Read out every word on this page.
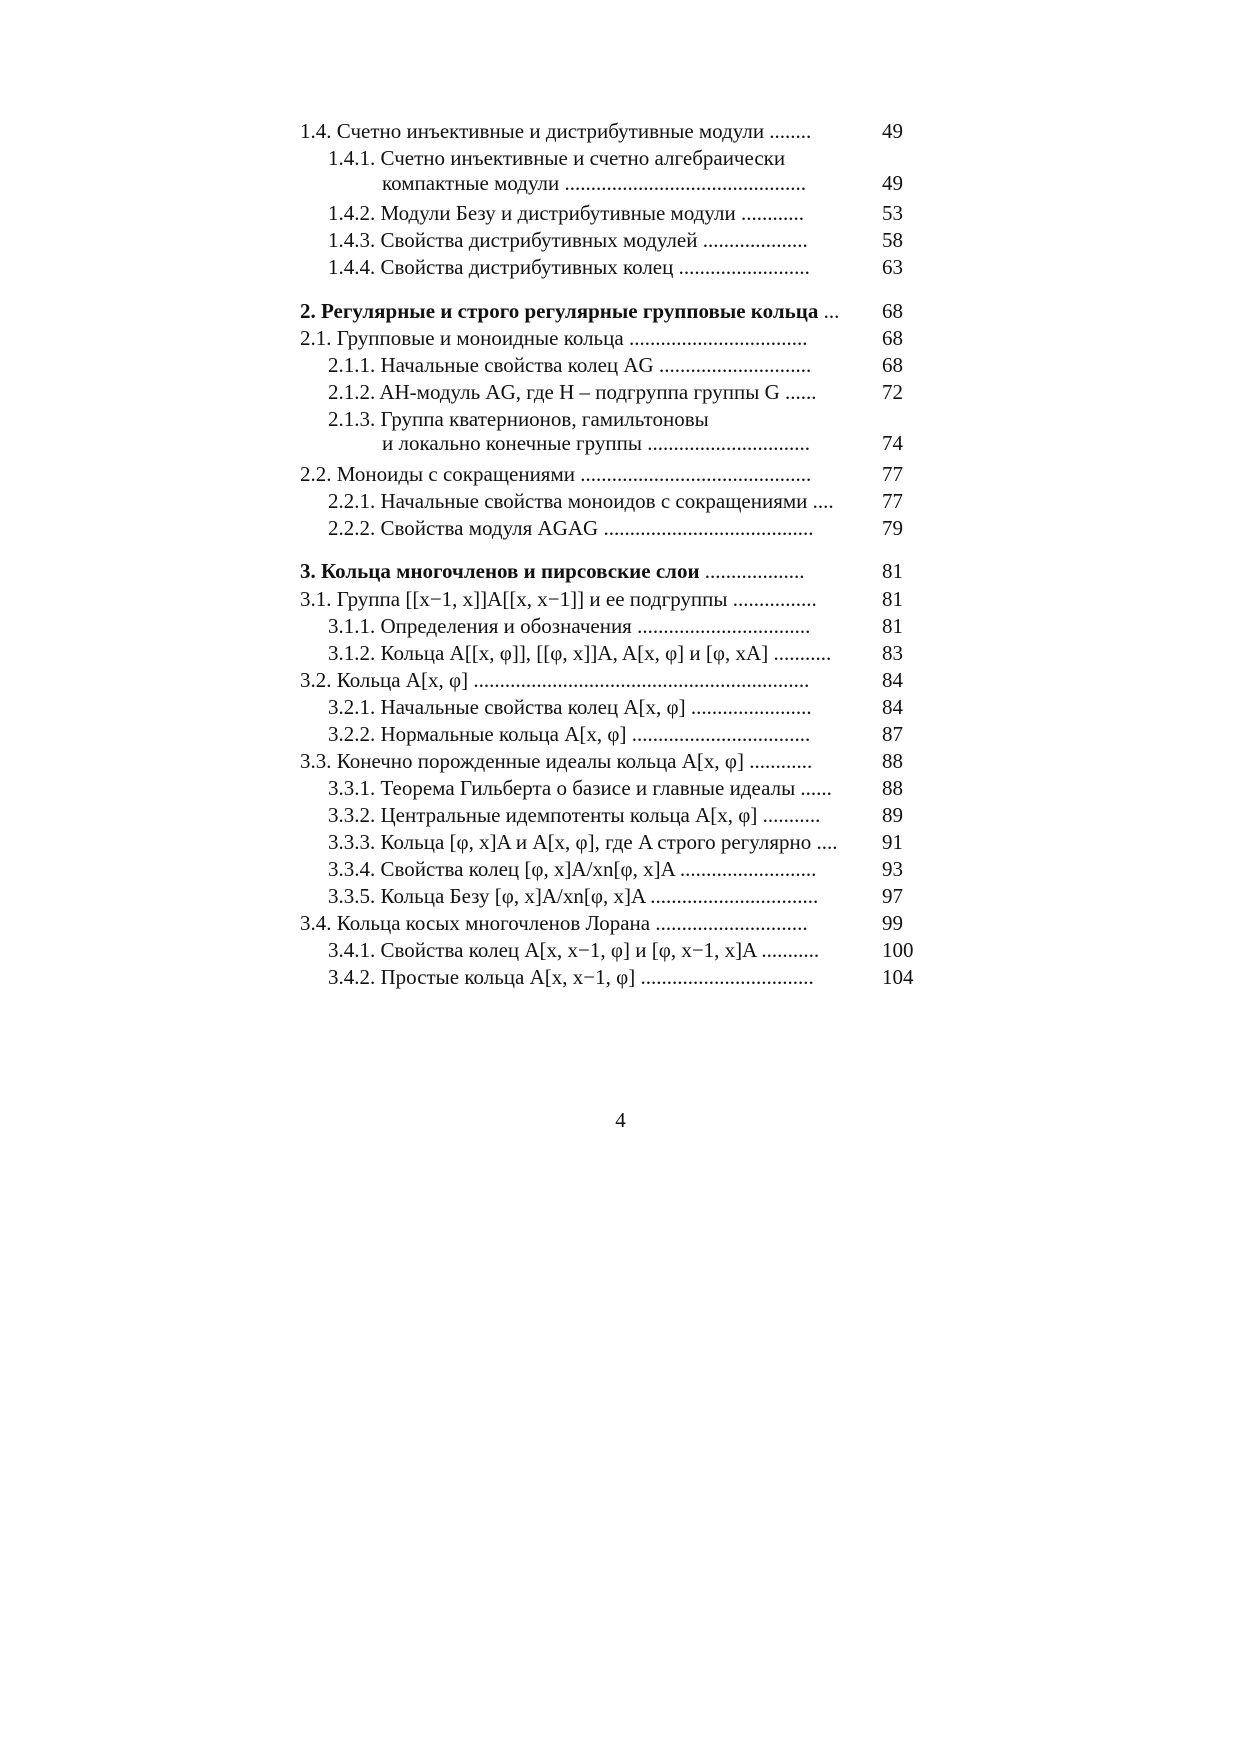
1.4. Счетно инъективные и дистрибутивные модули ........	49
1.4.1. Счетно инъективные и счетно алгебраически
компактные модули ..............................................	49
1.4.2. Модули Безу и дистрибутивные модули ............	53
1.4.3. Свойства дистрибутивных модулей ....................	58
1.4.4. Свойства дистрибутивных колец .........................	63
2. Регулярные и строго регулярные групповые кольца ... 68
2.1. Групповые и моноидные кольца ..................................	68
2.1.1. Начальные свойства колец AG .............................	68
2.1.2. AH-модуль AG, где H – подгруппа группы G ......	72
2.1.3. Группа кватернионов, гамильтоновы
и локально конечные группы ...............................	74
2.2. Моноиды с сокращениями ............................................	77
2.2.1. Начальные свойства моноидов с сокращениями .... 77
2.2.2. Свойства модуля AGAG ........................................	79
3. Кольца многочленов и пирсовские слои ...................	81
3.1. Группа [[x−1, x]]A[[x, x−1]] и ее подгруппы ................	81
3.1.1. Определения и обозначения .................................	81
3.1.2. Кольца A[[x, φ]], [[φ, x]]A, A[x, φ] и [φ, xA] ........... 83
3.2. Кольца A[x, φ] ................................................................	84
3.2.1. Начальные свойства колец A[x, φ] .......................	84
3.2.2. Нормальные кольца A[x, φ] ..................................	87
3.3. Конечно порожденные идеалы кольца A[x, φ] ............	88
3.3.1. Теорема Гильберта о базисе и главные идеалы ...... 88
3.3.2. Центральные идемпотенты кольца A[x, φ] ...........	89
3.3.3. Кольца [φ, x]A и A[x, φ], где A строго регулярно .... 91
3.3.4. Свойства колец [φ, x]A/xn[φ, x]A ..........................	93
3.3.5. Кольца Безу [φ, x]A/xn[φ, x]A ................................	97
3.4. Кольца косых многочленов Лорана .............................	99
3.4.1. Свойства колец A[x, x−1, φ] и [φ, x−1, x]A ...........	100
3.4.2. Простые кольца A[x, x−1, φ] .................................	104
4
